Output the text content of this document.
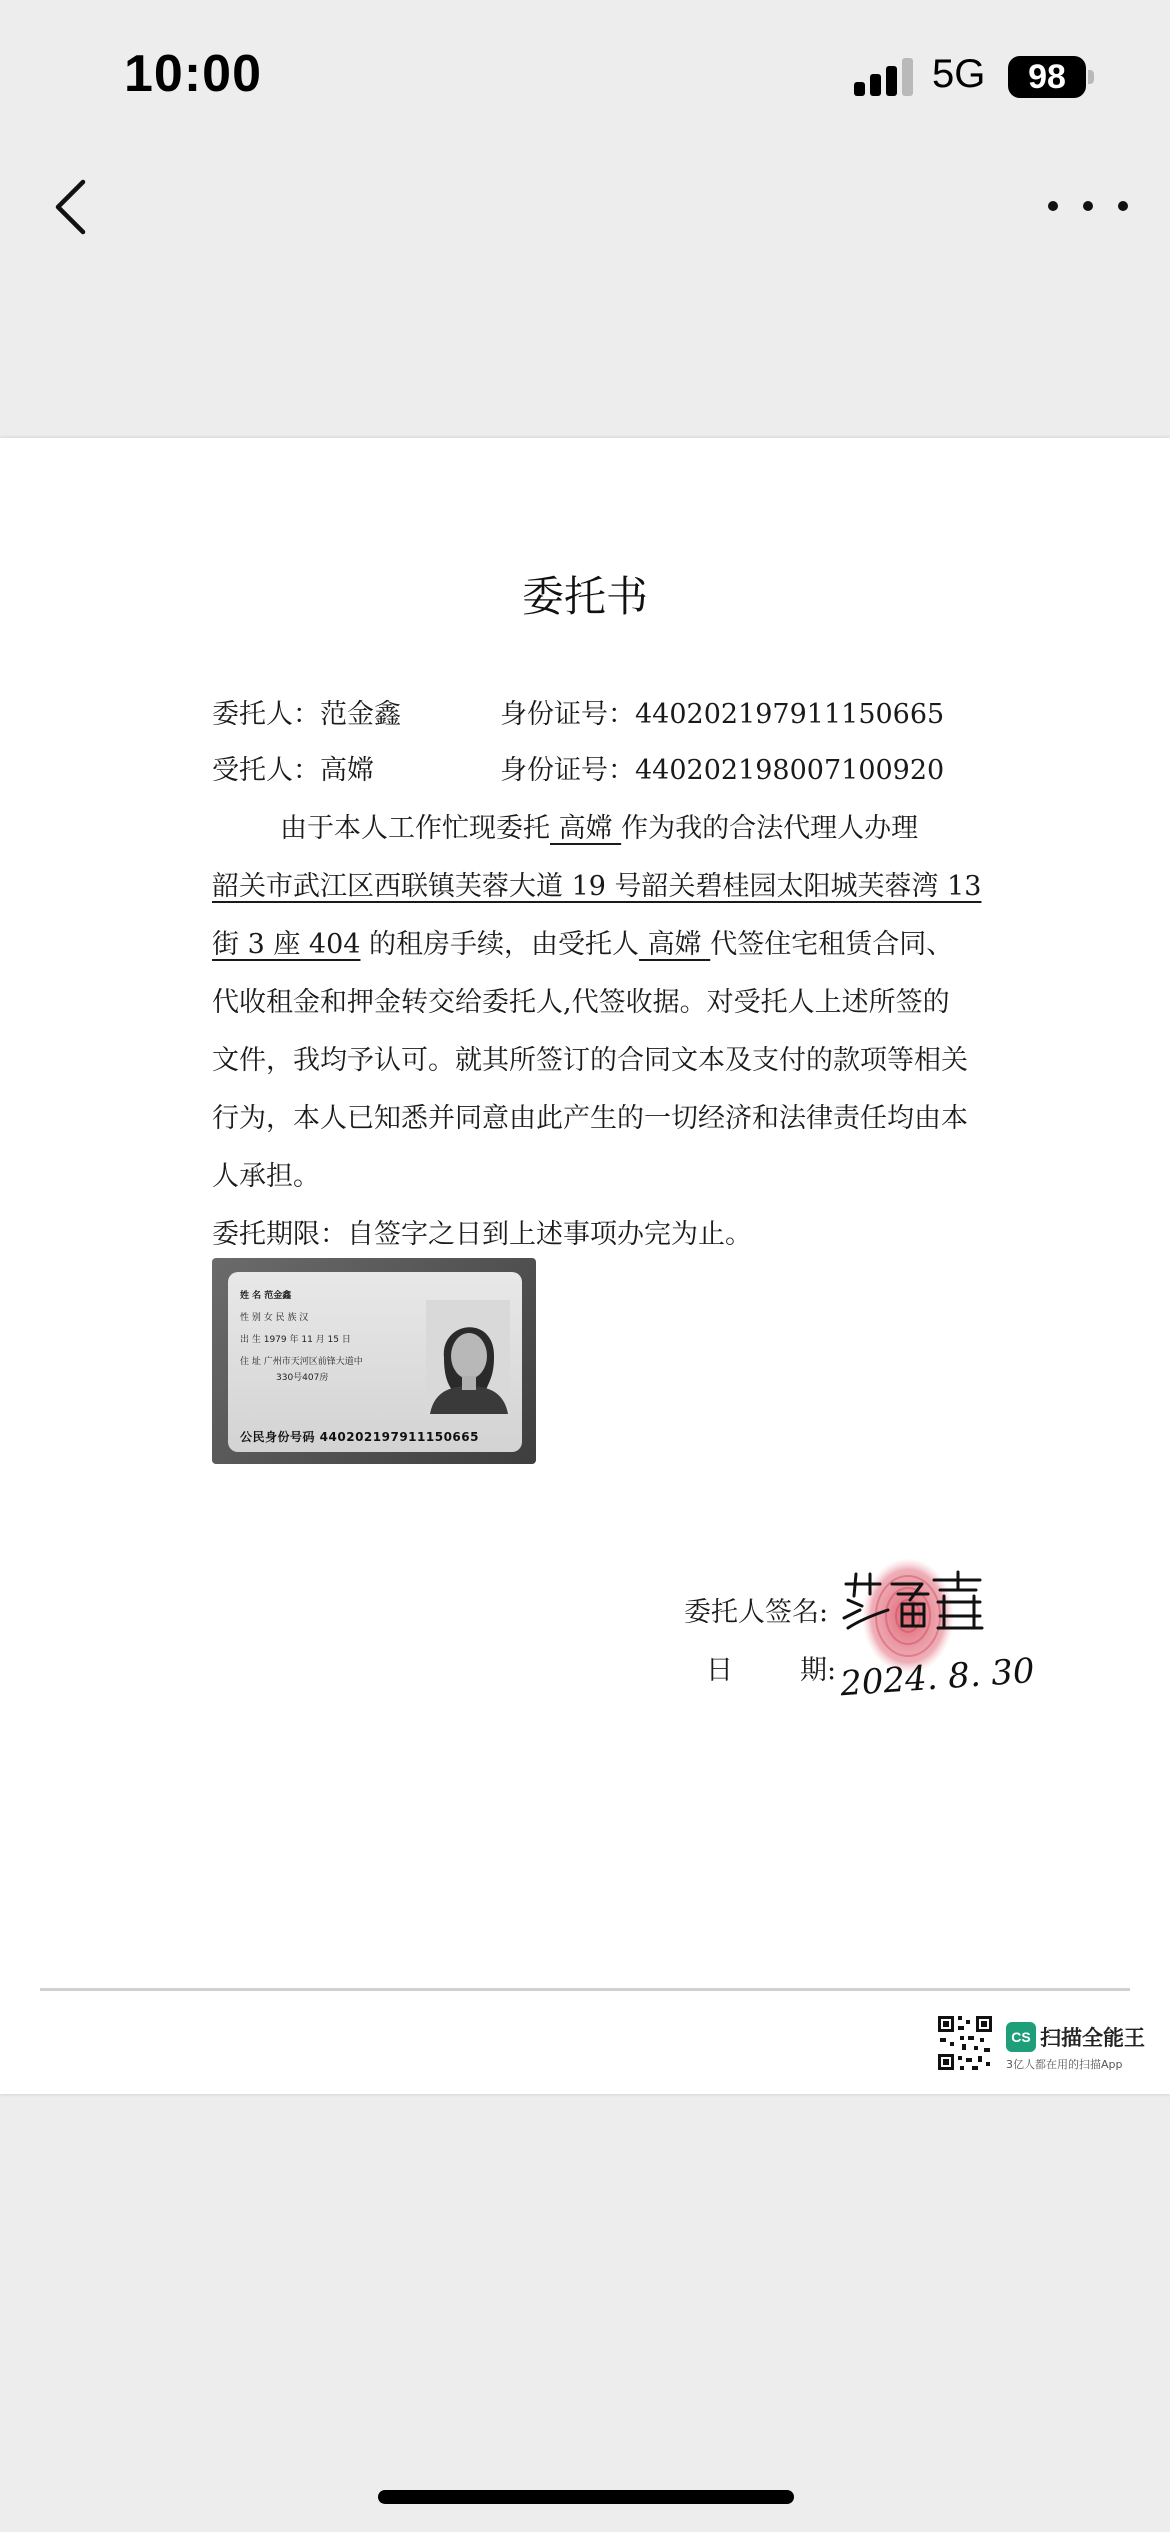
10:00	5G	98
委托书
委托人：范金鑫	身份证号：440202197911150665
受托人：高嫦	身份证号：440202198007100920
由于本人工作忙现委托 高嫦 作为我的合法代理人办理
韶关市武江区西联镇芙蓉大道 19 号韶关碧桂园太阳城芙蓉湾 13
街 3 座 404 的租房手续，由受托人 高嫦 代签住宅租赁合同、
代收租金和押金转交给委托人,代签收据。对受托人上述所签的
文件，我均予认可。就其所签订的合同文本及支付的款项等相关
行为，本人已知悉并同意由此产生的一切经济和法律责任均由本
人承担。
委托期限：自签字之日到上述事项办完为止。
姓 名 范金鑫
性 别 女 民 族 汉
出 生 1979 年 11 月 15 日
住 址 广州市天河区前锋大道中
330号407房
公民身份号码 440202197911150665
委托人签名:
日 期: 2024. 8. 30
CS 扫描全能王
3亿人都在用的扫描App
